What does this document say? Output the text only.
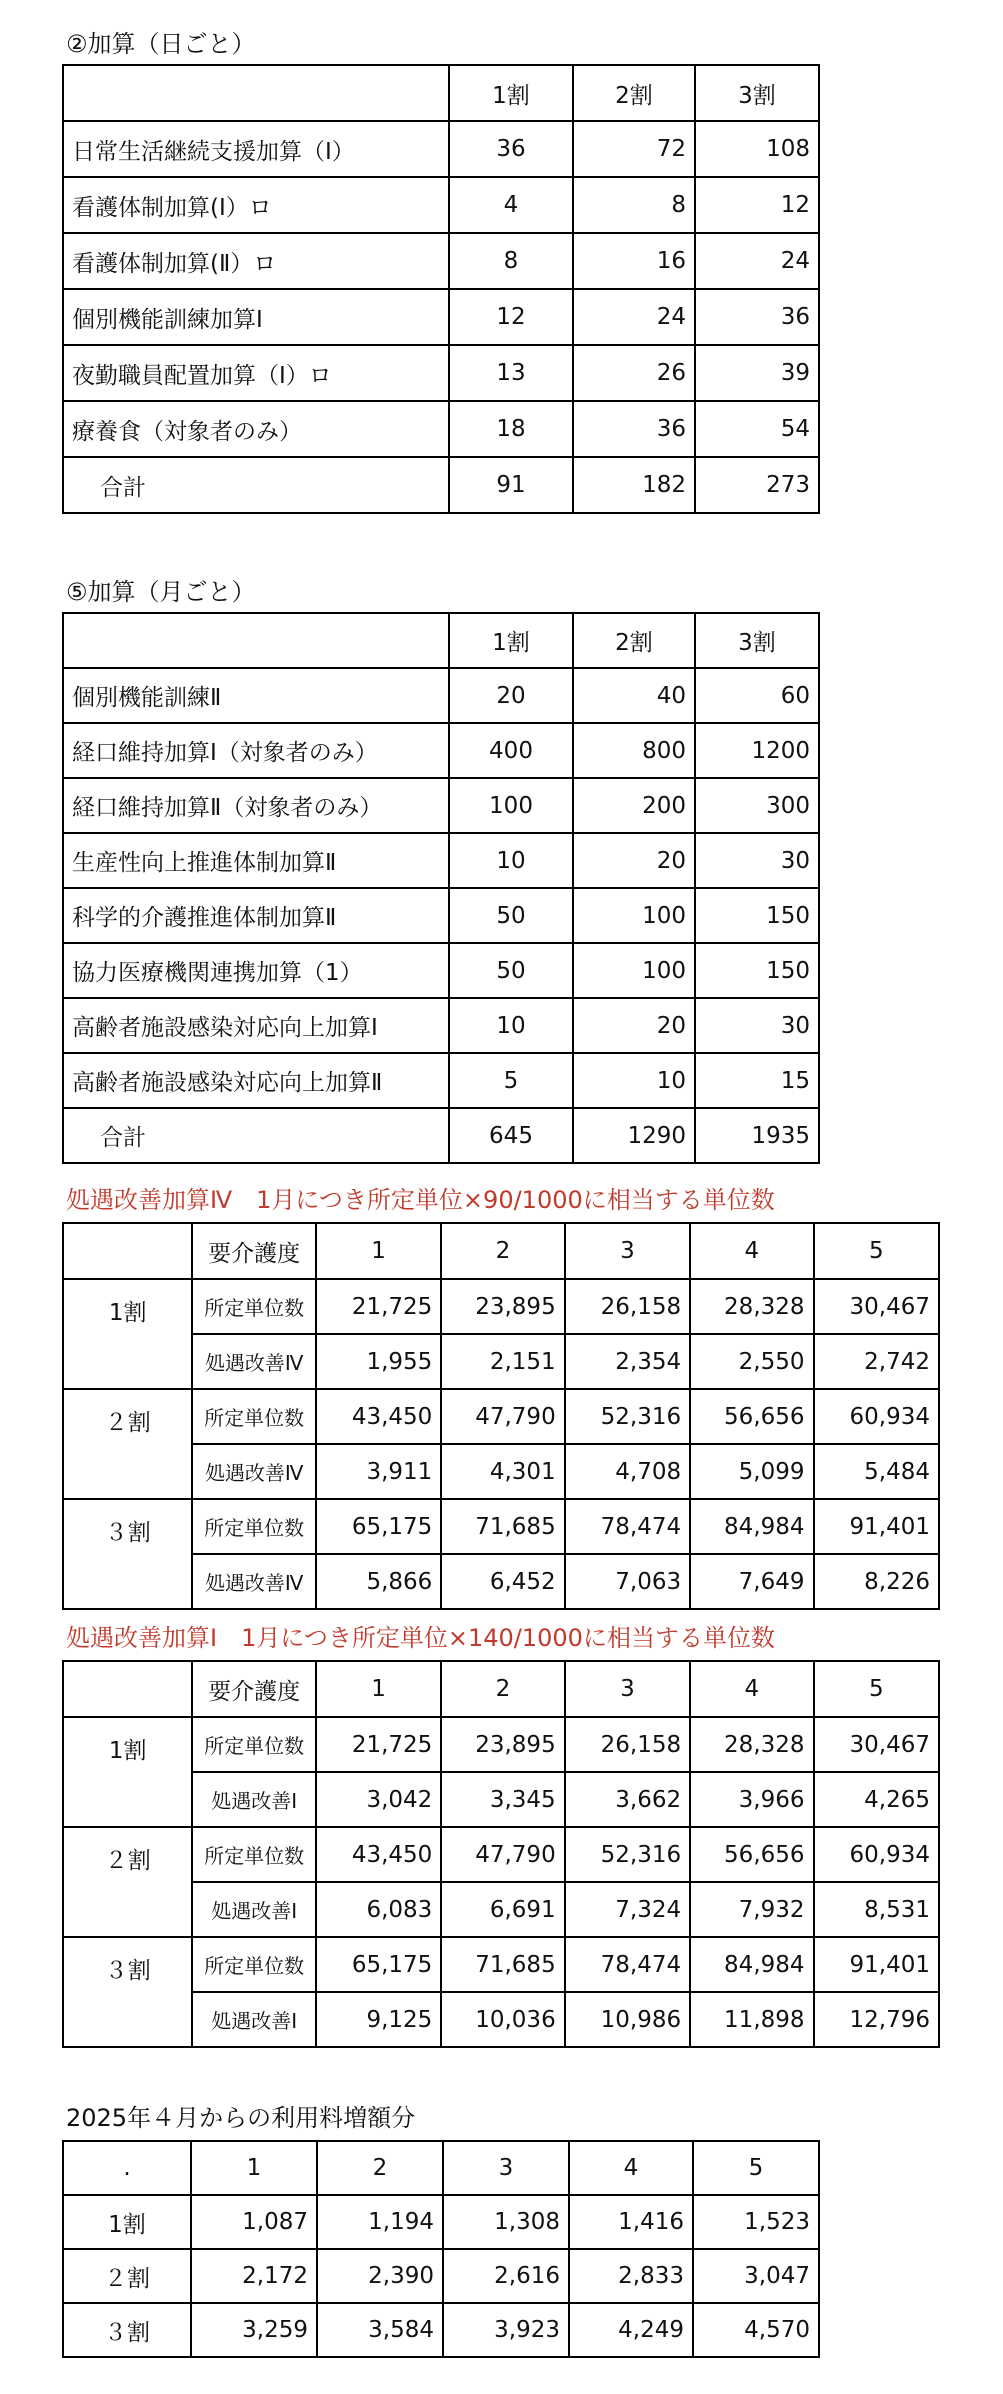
②加算（日ごと）
	1割	2割	3割
日常生活継続支援加算（Ⅰ）	36	72	108
看護体制加算(Ⅰ）ロ	4	8	12
看護体制加算(Ⅱ）ロ	8	16	24
個別機能訓練加算Ⅰ	12	24	36
夜勤職員配置加算（Ⅰ）ロ	13	26	39
療養食（対象者のみ）	18	36	54
合計	91	182	273
⑤加算（月ごと）
	1割	2割	3割
個別機能訓練Ⅱ	20	40	60
経口維持加算Ⅰ（対象者のみ）	400	800	1200
経口維持加算Ⅱ（対象者のみ）	100	200	300
生産性向上推進体制加算Ⅱ	10	20	30
科学的介護推進体制加算Ⅱ	50	100	150
協力医療機関連携加算（1）	50	100	150
高齢者施設感染対応向上加算Ⅰ	10	20	30
高齢者施設感染対応向上加算Ⅱ	5	10	15
合計	645	1290	1935
処遇改善加算Ⅳ　1月につき所定単位×90/1000に相当する単位数
	要介護度	1	2	3	4	5
1割	所定単位数	21,725	23,895	26,158	28,328	30,467
	処遇改善Ⅳ	1,955	2,151	2,354	2,550	2,742
２割	所定単位数	43,450	47,790	52,316	56,656	60,934
	処遇改善Ⅳ	3,911	4,301	4,708	5,099	5,484
３割	所定単位数	65,175	71,685	78,474	84,984	91,401
	処遇改善Ⅳ	5,866	6,452	7,063	7,649	8,226
処遇改善加算Ⅰ　1月につき所定単位×140/1000に相当する単位数
	要介護度	1	2	3	4	5
1割	所定単位数	21,725	23,895	26,158	28,328	30,467
	処遇改善Ⅰ	3,042	3,345	3,662	3,966	4,265
２割	所定単位数	43,450	47,790	52,316	56,656	60,934
	処遇改善Ⅰ	6,083	6,691	7,324	7,932	8,531
３割	所定単位数	65,175	71,685	78,474	84,984	91,401
	処遇改善Ⅰ	9,125	10,036	10,986	11,898	12,796
2025年４月からの利用料増額分
.	1	2	3	4	5
1割	1,087	1,194	1,308	1,416	1,523
２割	2,172	2,390	2,616	2,833	3,047
３割	3,259	3,584	3,923	4,249	4,570
